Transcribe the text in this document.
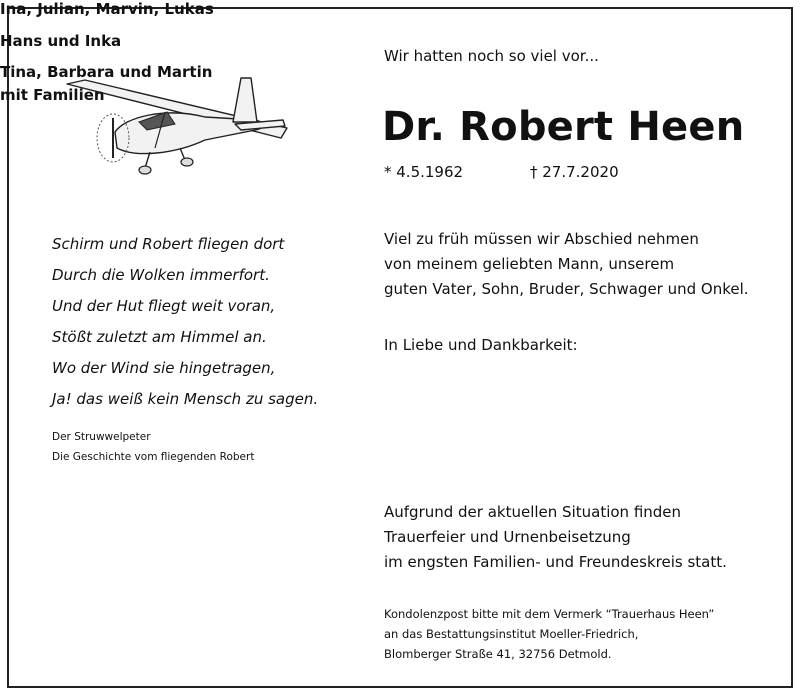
Wir hatten noch so viel vor...
Dr. Robert Heen
* 4.5.1962	† 27.7.2020
Schirm und Robert fliegen dort
Durch die Wolken immerfort.
Und der Hut fliegt weit voran,
Stößt zuletzt am Himmel an.
Wo der Wind sie hingetragen,
Ja! das weiß kein Mensch zu sagen.
Der Struwwelpeter
Die Geschichte vom fliegenden Robert
Viel zu früh müssen wir Abschied nehmen
von meinem geliebten Mann, unserem
guten Vater, Sohn, Bruder, Schwager und Onkel.
In Liebe und Dankbarkeit:
Ina, Julian, Marvin, Lukas
Hans und Inka
Tina, Barbara und Martin
mit Familien
Aufgrund der aktuellen Situation finden
Trauerfeier und Urnenbeisetzung
im engsten Familien- und Freundeskreis statt.
Kondolenzpost bitte mit dem Vermerk “Trauerhaus Heen”
an das Bestattungsinstitut Moeller-Friedrich,
Blomberger Straße 41, 32756 Detmold.
